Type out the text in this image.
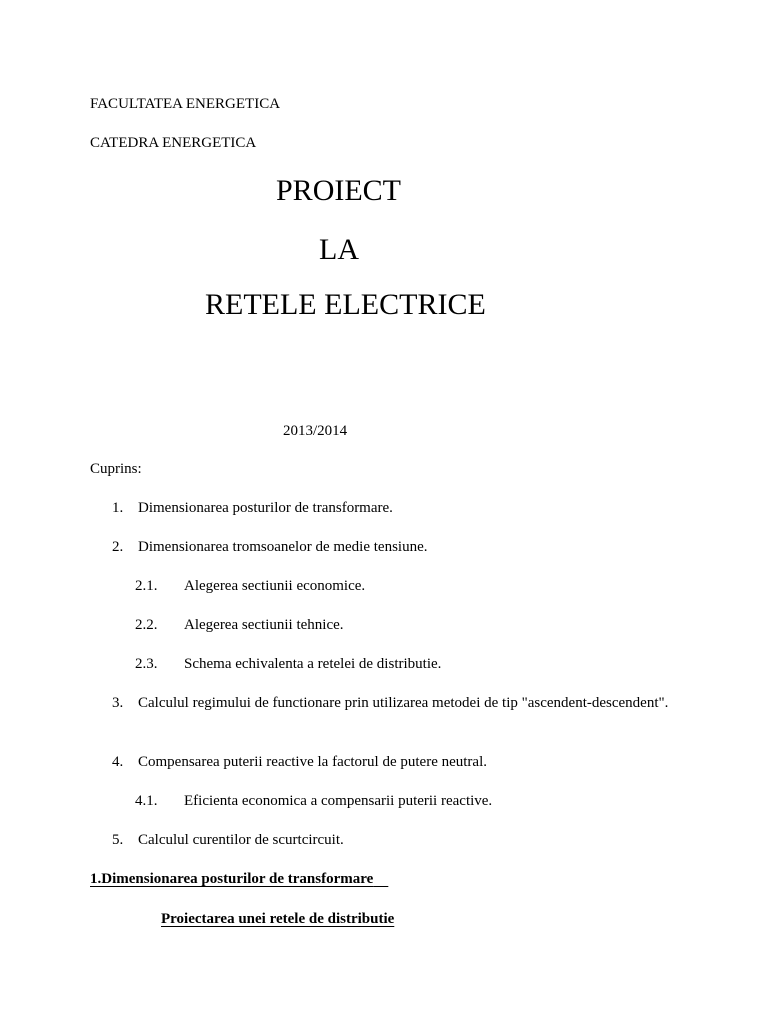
FACULTATEA ENERGETICA
CATEDRA ENERGETICA
PROIECT
LA
RETELE ELECTRICE
2013/2014
Cuprins:
1. Dimensionarea posturilor de transformare.
2. Dimensionarea tromsoanelor de medie tensiune.
2.1. Alegerea sectiunii economice.
2.2. Alegerea sectiunii tehnice.
2.3. Schema echivalenta a retelei de distributie.
3. Calculul regimului de functionare prin utilizarea metodei de tip "ascendent-descendent".
4. Compensarea puterii reactive la factorul de putere neutral.
4.1. Eficienta economica a compensarii puterii reactive.
5. Calculul curentilor de scurtcircuit.
1.Dimensionarea posturilor de transformare
Proiectarea unei retele de distributie
